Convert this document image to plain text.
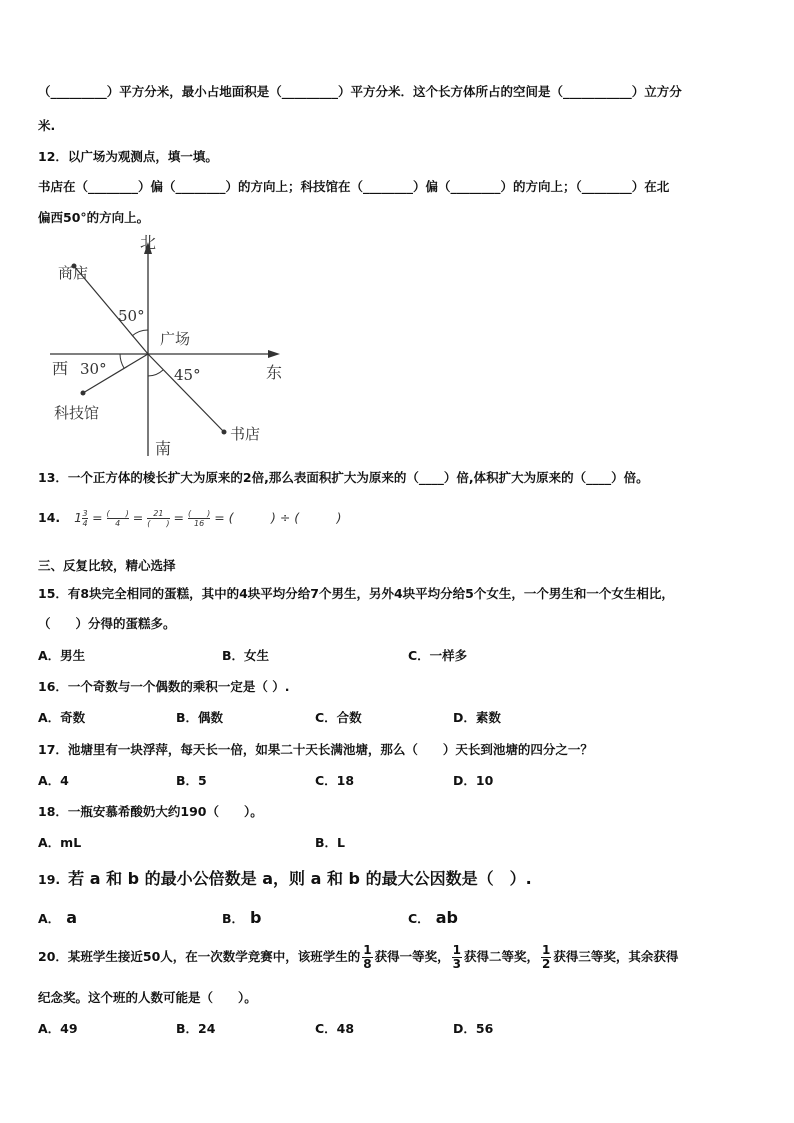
（_________）平方分米，最小占地面积是（_________）平方分米．这个长方体所占的空间是（___________）立方分
米.
12．以广场为观测点，填一填。
书店在（________）偏（________）的方向上；科技馆在（________）偏（________）的方向上；（________）在北
偏西50°的方向上。
北
南
东
西
广场
商店
科技馆
书店
50°
30°	45°
13．一个正方体的棱长扩大为原来的2倍,那么表面积扩大为原来的（____）倍,体积扩大为原来的（____）倍。
14. $1 \frac{3}{4} = \frac{( )}{4} = \frac{21}{( )} = \frac{( )}{16}$ = (　　　) ÷ (　　　)
三、反复比较，精心选择
15．有8块完全相同的蛋糕，其中的4块平均分给7个男生，另外4块平均分给5个女生，一个男生和一个女生相比，
（　　）分得的蛋糕多。
A．男生	B．女生	C．一样多
16．一个奇数与一个偶数的乘积一定是（ ）.
A．奇数	B．偶数	C．合数	D．素数
17．池塘里有一块浮萍，每天长一倍，如果二十天长满池塘，那么（　　）天长到池塘的四分之一？
A．4	B．5	C．18	D．10
18．一瓶安慕希酸奶大约190（　　）。
A．mL	B．L
19. 若 a 和 b 的最小公倍数是 a，则 a 和 b 的最大公因数是（　）.
A． a	B． b	C． ab
20．某班学生接近50人，在一次数学竞赛中，该班学生的 $\frac{1}{8}$ 获得一等奖， $\frac{1}{3}$ 获得二等奖， $\frac{1}{2}$ 获得三等奖，其余获得
纪念奖。这个班的人数可能是（　　）。
A．49	B．24	C．48	D．56
